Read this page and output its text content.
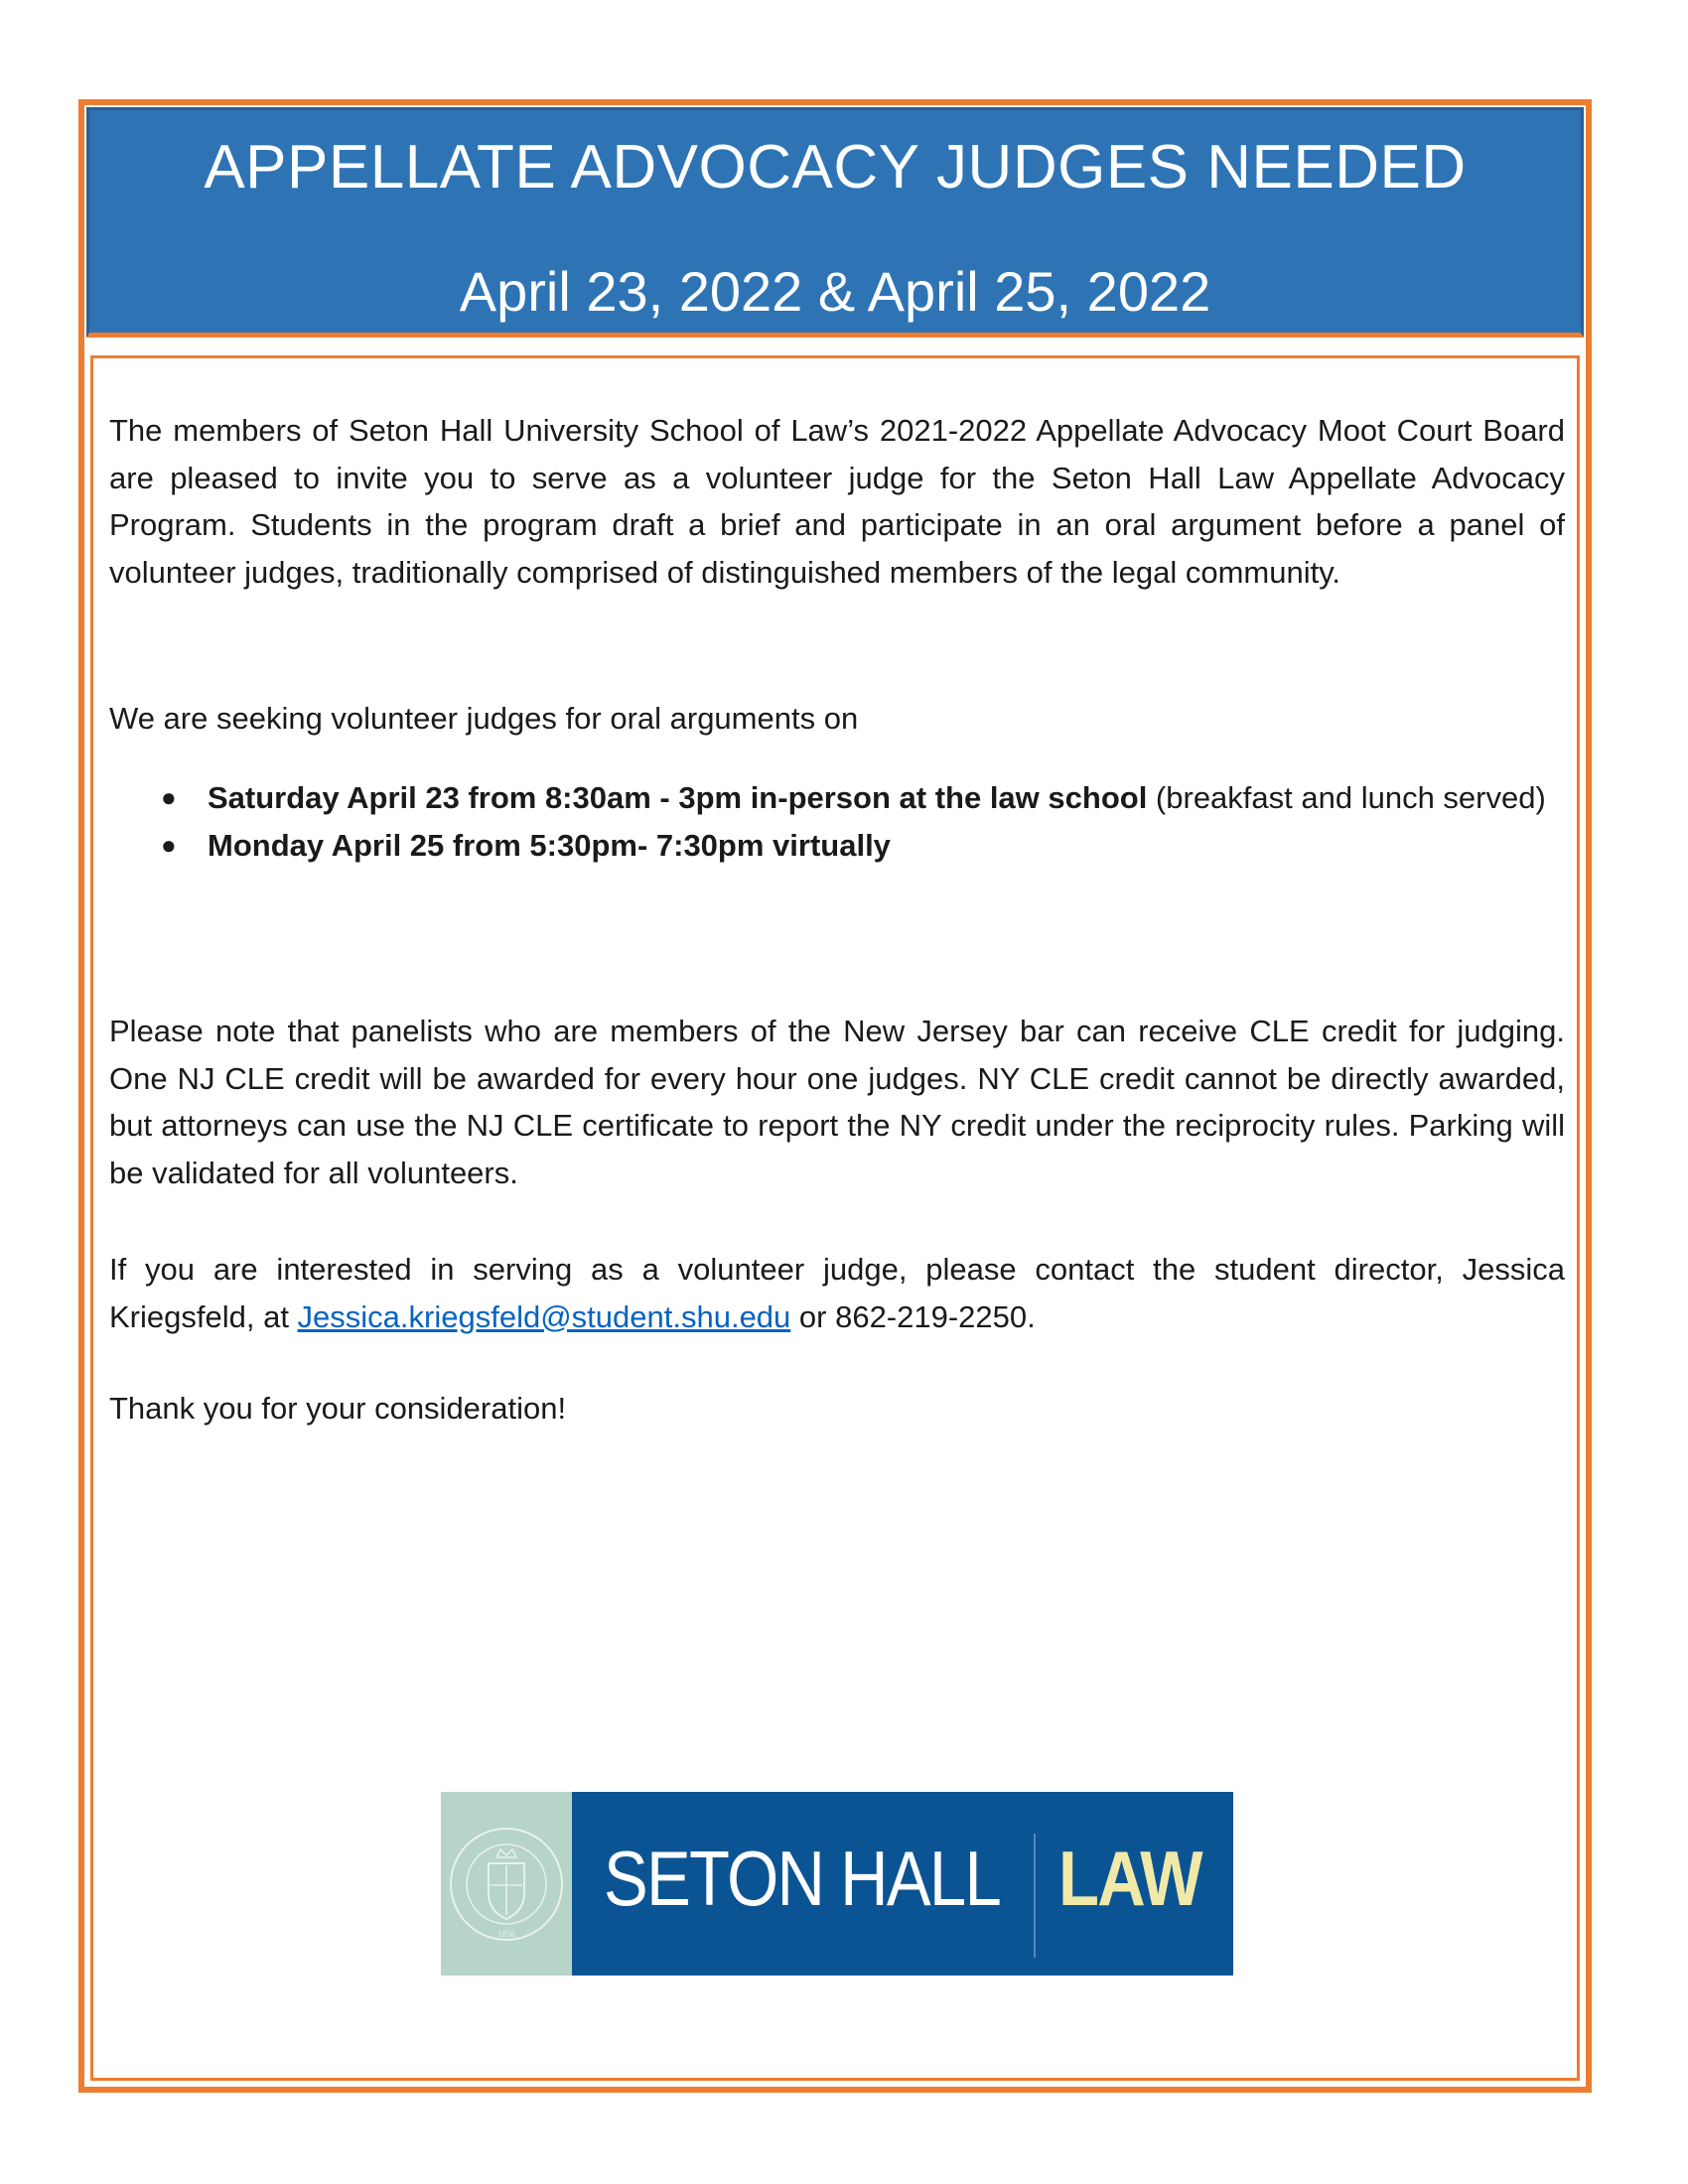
APPELLATE ADVOCACY JUDGES NEEDED
April 23, 2022 & April 25, 2022

The members of Seton Hall University School of Law’s 2021-2022 Appellate Advocacy Moot Court Board are pleased to invite you to serve as a volunteer judge for the Seton Hall Law Appellate Advocacy Program. Students in the program draft a brief and participate in an oral argument before a panel of volunteer judges, traditionally comprised of distinguished members of the legal community.

We are seeking volunteer judges for oral arguments on

● Saturday April 23 from 8:30am - 3pm in-person at the law school (breakfast and lunch served)
● Monday April 25 from 5:30pm- 7:30pm virtually

Please note that panelists who are members of the New Jersey bar can receive CLE credit for judging. One NJ CLE credit will be awarded for every hour one judges. NY CLE credit cannot be directly awarded, but attorneys can use the NJ CLE certificate to report the NY credit under the reciprocity rules. Parking will be validated for all volunteers.

If you are interested in serving as a volunteer judge, please contact the student director, Jessica Kriegsfeld, at Jessica.kriegsfeld@student.shu.edu or 862-219-2250.

Thank you for your consideration!

1856
SETON HALL LAW
